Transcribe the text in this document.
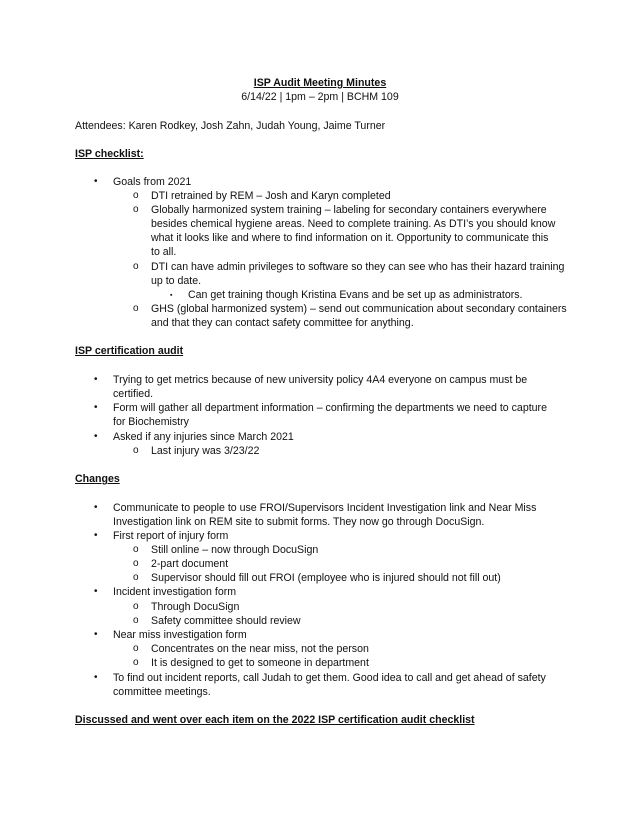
ISP Audit Meeting Minutes
6/14/22 | 1pm – 2pm | BCHM 109
Attendees: Karen Rodkey, Josh Zahn, Judah Young, Jaime Turner
ISP checklist:
• Goals from 2021
o DTI retrained by REM – Josh and Karyn completed
o Globally harmonized system training – labeling for secondary containers everywhere
besides chemical hygiene areas. Need to complete training. As DTI’s you should know
what it looks like and where to find information on it. Opportunity to communicate this
to all.
o DTI can have admin privileges to software so they can see who has their hazard training
up to date.
▪ Can get training though Kristina Evans and be set up as administrators.
o GHS (global harmonized system) – send out communication about secondary containers
and that they can contact safety committee for anything.
ISP certification audit
• Trying to get metrics because of new university policy 4A4 everyone on campus must be
certified.
• Form will gather all department information – confirming the departments we need to capture
for Biochemistry
• Asked if any injuries since March 2021
o Last injury was 3/23/22
Changes
• Communicate to people to use FROI/Supervisors Incident Investigation link and Near Miss
Investigation link on REM site to submit forms. They now go through DocuSign.
• First report of injury form
o Still online – now through DocuSign
o 2-part document
o Supervisor should fill out FROI (employee who is injured should not fill out)
• Incident investigation form
o Through DocuSign
o Safety committee should review
• Near miss investigation form
o Concentrates on the near miss, not the person
o It is designed to get to someone in department
• To find out incident reports, call Judah to get them. Good idea to call and get ahead of safety
committee meetings.
Discussed and went over each item on the 2022 ISP certification audit checklist
